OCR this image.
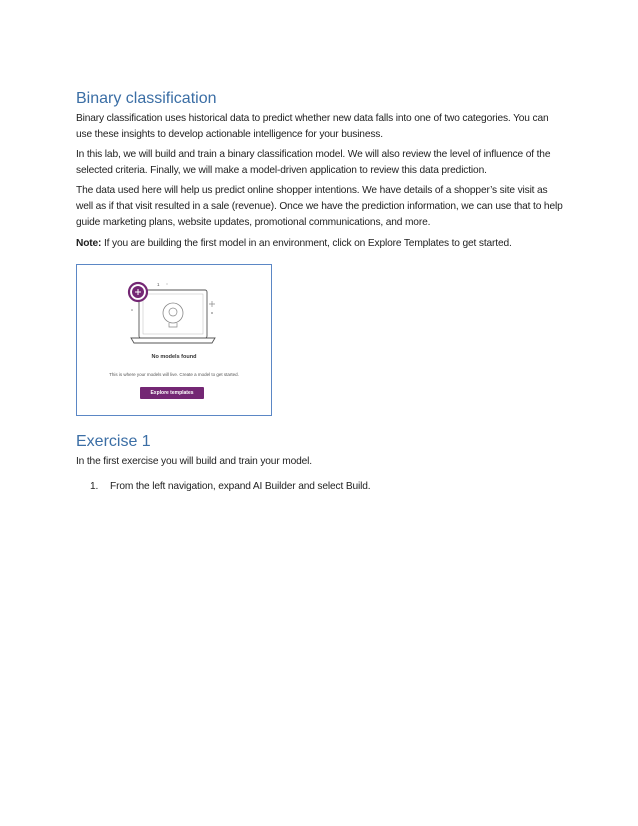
Binary classification

Binary classification uses historical data to predict whether new data falls into one of two categories. You can use these insights to develop actionable intelligence for your business.

In this lab, we will build and train a binary classification model. We will also review the level of influence of the selected criteria. Finally, we will make a model-driven application to review this data prediction.

The data used here will help us predict online shopper intentions. We have details of a shopper’s site visit as well as if that visit resulted in a sale (revenue). Once we have the prediction information, we can use that to help guide marketing plans, website updates, promotional communications, and more.

Note: If you are building the first model in an environment, click on Explore Templates to get started.

1
No models found
This is where your models will live. Create a model to get started.
Explore templates
Exercise 1

In the first exercise you will build and train your model.

1. From the left navigation, expand AI Builder and select Build.
